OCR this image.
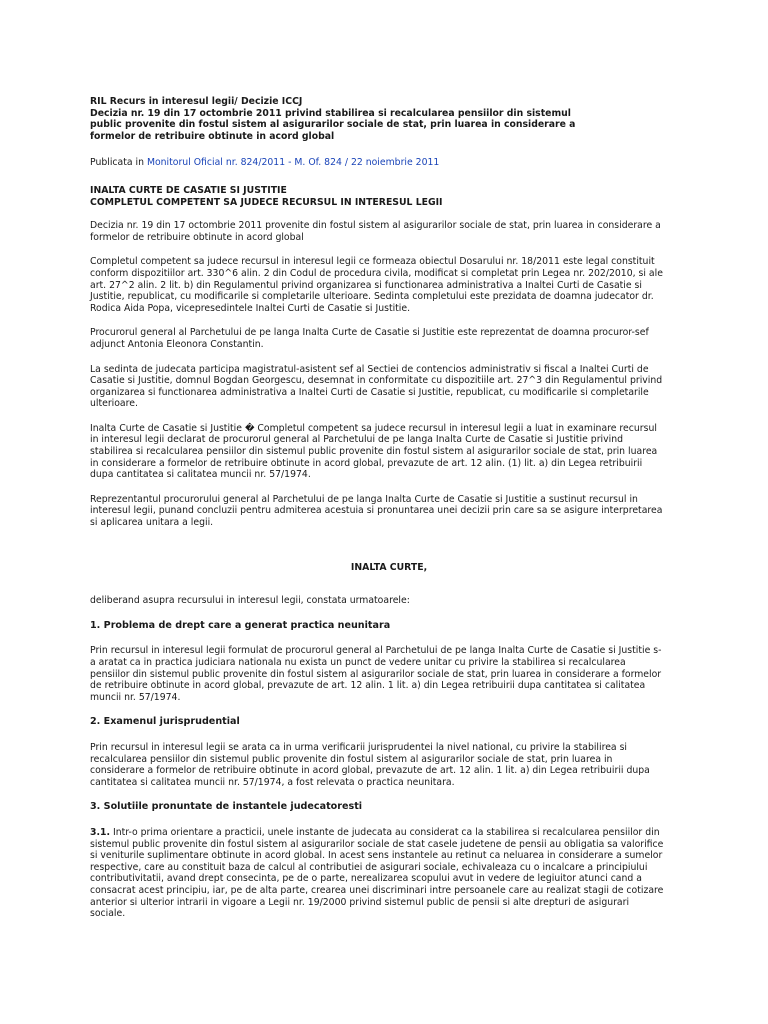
RIL Recurs in interesul legii/ Decizie ICCJ
Decizia nr. 19 din 17 octombrie 2011 privind stabilirea si recalcularea pensiilor din sistemul
public provenite din fostul sistem al asigurarilor sociale de stat, prin luarea in considerare a
formelor de retribuire obtinute in acord global
Publicata in Monitorul Oficial nr. 824/2011 - M. Of. 824 / 22 noiembrie 2011
INALTA CURTE DE CASATIE SI JUSTITIE
COMPLETUL COMPETENT SA JUDECE RECURSUL IN INTERESUL LEGII

Decizia nr. 19 din 17 octombrie 2011 provenite din fostul sistem al asigurarilor sociale de stat, prin luarea in considerare a
formelor de retribuire obtinute in acord global

Completul competent sa judece recursul in interesul legii ce formeaza obiectul Dosarului nr. 18/2011 este legal constituit
conform dispozitiilor art. 330^6 alin. 2 din Codul de procedura civila, modificat si completat prin Legea nr. 202/2010, si ale
art. 27^2 alin. 2 lit. b) din Regulamentul privind organizarea si functionarea administrativa a Inaltei Curti de Casatie si
Justitie, republicat, cu modificarile si completarile ulterioare. Sedinta completului este prezidata de doamna judecator dr.
Rodica Aida Popa, vicepresedintele Inaltei Curti de Casatie si Justitie.

Procurorul general al Parchetului de pe langa Inalta Curte de Casatie si Justitie este reprezentat de doamna procuror-sef
adjunct Antonia Eleonora Constantin.

La sedinta de judecata participa magistratul-asistent sef al Sectiei de contencios administrativ si fiscal a Inaltei Curti de
Casatie si Justitie, domnul Bogdan Georgescu, desemnat in conformitate cu dispozitiile art. 27^3 din Regulamentul privind
organizarea si functionarea administrativa a Inaltei Curti de Casatie si Justitie, republicat, cu modificarile si completarile
ulterioare.

Inalta Curte de Casatie si Justitie � Completul competent sa judece recursul in interesul legii a luat in examinare recursul
in interesul legii declarat de procurorul general al Parchetului de pe langa Inalta Curte de Casatie si Justitie privind
stabilirea si recalcularea pensiilor din sistemul public provenite din fostul sistem al asigurarilor sociale de stat, prin luarea
in considerare a formelor de retribuire obtinute in acord global, prevazute de art. 12 alin. (1) lit. a) din Legea retribuirii
dupa cantitatea si calitatea muncii nr. 57/1974.

Reprezentantul procurorului general al Parchetului de pe langa Inalta Curte de Casatie si Justitie a sustinut recursul in
interesul legii, punand concluzii pentru admiterea acestuia si pronuntarea unei decizii prin care sa se asigure interpretarea
si aplicarea unitara a legii.

INALTA CURTE,

deliberand asupra recursului in interesul legii, constata urmatoarele:

1. Problema de drept care a generat practica neunitara

Prin recursul in interesul legii formulat de procurorul general al Parchetului de pe langa Inalta Curte de Casatie si Justitie s-
a aratat ca in practica judiciara nationala nu exista un punct de vedere unitar cu privire la stabilirea si recalcularea
pensiilor din sistemul public provenite din fostul sistem al asigurarilor sociale de stat, prin luarea in considerare a formelor
de retribuire obtinute in acord global, prevazute de art. 12 alin. 1 lit. a) din Legea retribuirii dupa cantitatea si calitatea
muncii nr. 57/1974.

2. Examenul jurisprudential

Prin recursul in interesul legii se arata ca in urma verificarii jurisprudentei la nivel national, cu privire la stabilirea si
recalcularea pensiilor din sistemul public provenite din fostul sistem al asigurarilor sociale de stat, prin luarea in
considerare a formelor de retribuire obtinute in acord global, prevazute de art. 12 alin. 1 lit. a) din Legea retribuirii dupa
cantitatea si calitatea muncii nr. 57/1974, a fost relevata o practica neunitara.

3. Solutiile pronuntate de instantele judecatoresti

3.1. Intr-o prima orientare a practicii, unele instante de judecata au considerat ca la stabilirea si recalcularea pensiilor din
sistemul public provenite din fostul sistem al asigurarilor sociale de stat casele judetene de pensii au obligatia sa valorifice
si veniturile suplimentare obtinute in acord global. In acest sens instantele au retinut ca neluarea in considerare a sumelor
respective, care au constituit baza de calcul al contributiei de asigurari sociale, echivaleaza cu o incalcare a principiului
contributivitatii, avand drept consecinta, pe de o parte, nerealizarea scopului avut in vedere de legiuitor atunci cand a
consacrat acest principiu, iar, pe de alta parte, crearea unei discriminari intre persoanele care au realizat stagii de cotizare
anterior si ulterior intrarii in vigoare a Legii nr. 19/2000 privind sistemul public de pensii si alte drepturi de asigurari
sociale.
